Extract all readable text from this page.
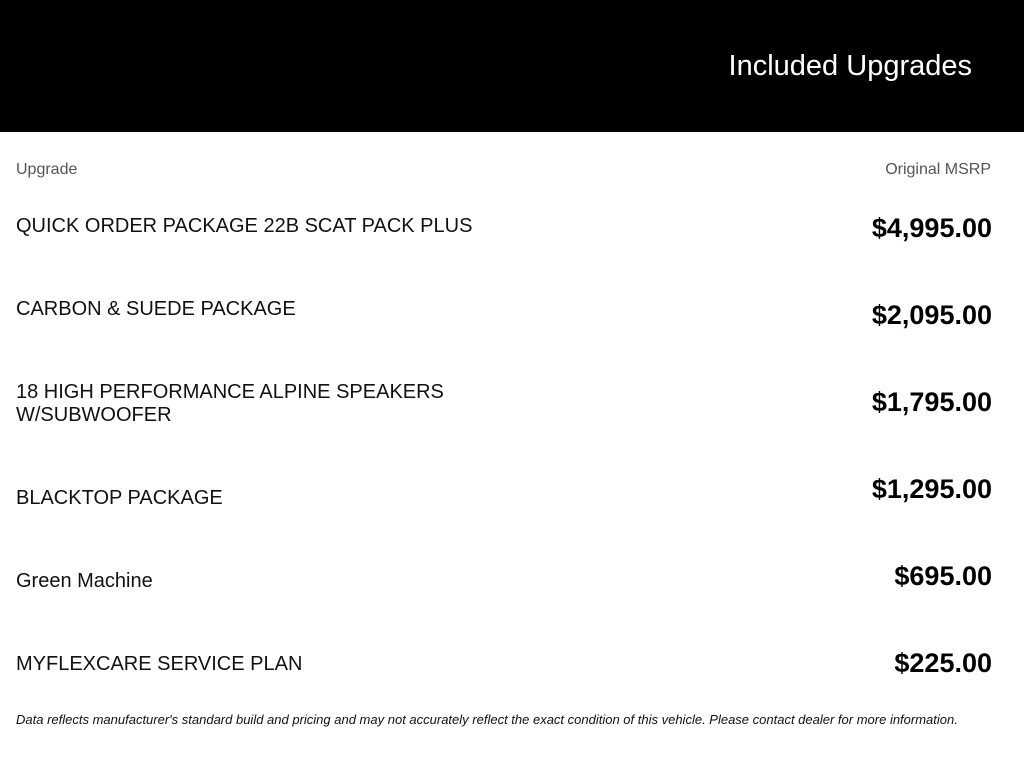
Included Upgrades
Upgrade	Original MSRP
QUICK ORDER PACKAGE 22B SCAT PACK PLUS	$4,995.00
CARBON & SUEDE PACKAGE	$2,095.00
18 HIGH PERFORMANCE ALPINE SPEAKERS W/SUBWOOFER	$1,795.00
BLACKTOP PACKAGE	$1,295.00
Green Machine	$695.00
MYFLEXCARE SERVICE PLAN	$225.00
Data reflects manufacturer's standard build and pricing and may not accurately reflect the exact condition of this vehicle. Please contact dealer for more information.
